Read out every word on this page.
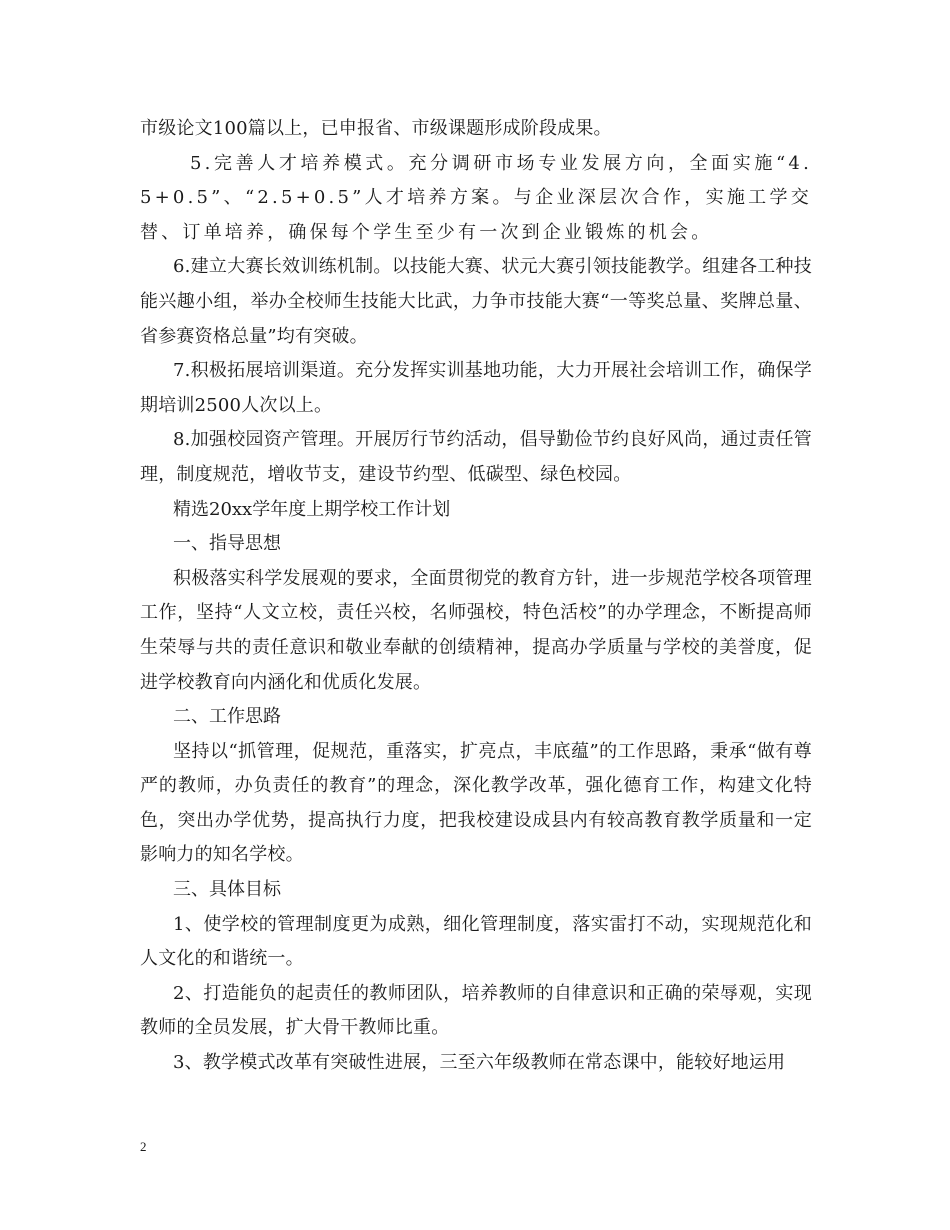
市级论文100篇以上，已申报省、市级课题形成阶段成果。

5.完善人才培养模式。充分调研市场专业发展方向，全面实施“4.5+0.5”、“2.5+0.5”人才培养方案。与企业深层次合作，实施工学交替、订单培养，确保每个学生至少有一次到企业锻炼的机会。

6.建立大赛长效训练机制。以技能大赛、状元大赛引领技能教学。组建各工种技能兴趣小组，举办全校师生技能大比武，力争市技能大赛“一等奖总量、奖牌总量、省参赛资格总量”均有突破。

7.积极拓展培训渠道。充分发挥实训基地功能，大力开展社会培训工作，确保学期培训2500人次以上。

8.加强校园资产管理。开展厉行节约活动，倡导勤俭节约良好风尚，通过责任管理，制度规范，增收节支，建设节约型、低碳型、绿色校园。

精选20xx学年度上期学校工作计划

一、指导思想

积极落实科学发展观的要求，全面贯彻党的教育方针，进一步规范学校各项管理工作，坚持“人文立校，责任兴校，名师强校，特色活校”的办学理念，不断提高师生荣辱与共的责任意识和敬业奉献的创绩精神，提高办学质量与学校的美誉度，促进学校教育向内涵化和优质化发展。

二、工作思路

坚持以“抓管理，促规范，重落实，扩亮点，丰底蕴”的工作思路，秉承“做有尊严的教师，办负责任的教育”的理念，深化教学改革，强化德育工作，构建文化特色，突出办学优势，提高执行力度，把我校建设成县内有较高教育教学质量和一定影响力的知名学校。

三、具体目标

1、使学校的管理制度更为成熟，细化管理制度，落实雷打不动，实现规范化和人文化的和谐统一。

2、打造能负的起责任的教师团队，培养教师的自律意识和正确的荣辱观，实现教师的全员发展，扩大骨干教师比重。

3、教学模式改革有突破性进展，三至六年级教师在常态课中，能较好地运用

2
